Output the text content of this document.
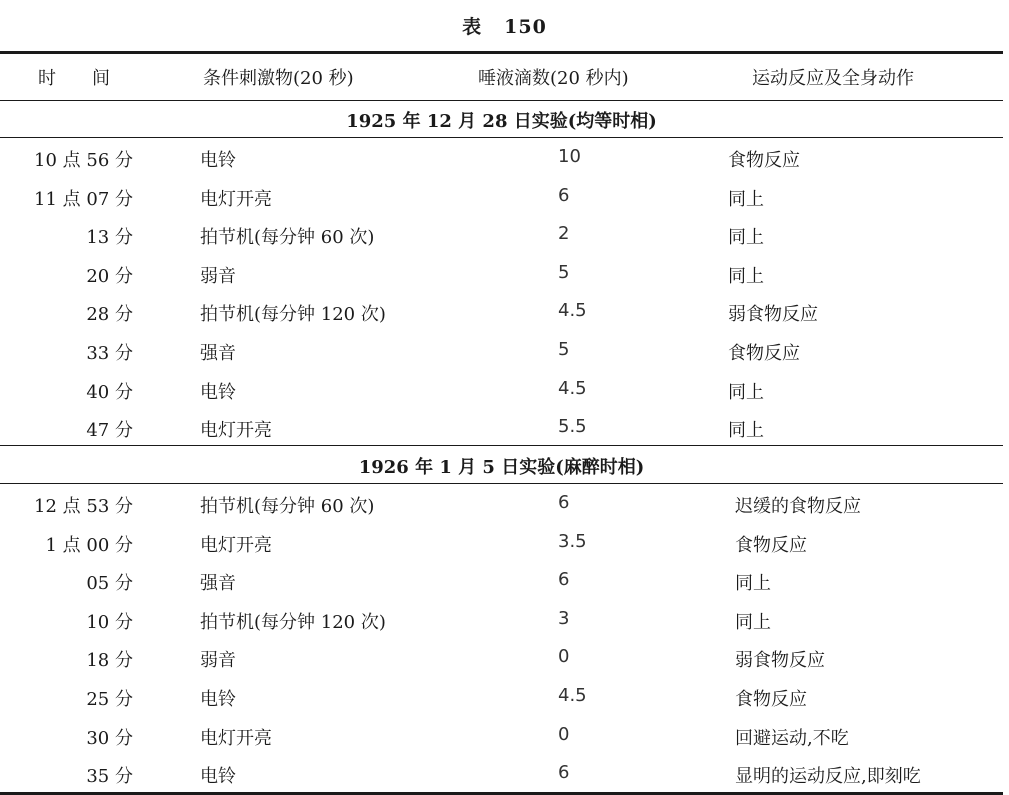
表 150
时　　间	条件刺激物(20 秒)	唾液滴数(20 秒内)	运动反应及全身动作
1925 年 12 月 28 日实验(均等时相)
10 点 56 分	电铃	10	食物反应
11 点 07 分	电灯开亮	6	同上
13 分	拍节机(每分钟 60 次)	2	同上
20 分	弱音	5	同上
28 分	拍节机(每分钟 120 次)	4.5	弱食物反应
33 分	强音	5	食物反应
40 分	电铃	4.5	同上
47 分	电灯开亮	5.5	同上
1926 年 1 月 5 日实验(麻醉时相)
12 点 53 分	拍节机(每分钟 60 次)	6	迟缓的食物反应
1 点 00 分	电灯开亮	3.5	食物反应
05 分	强音	6	同上
10 分	拍节机(每分钟 120 次)	3	同上
18 分	弱音	0	弱食物反应
25 分	电铃	4.5	食物反应
30 分	电灯开亮	0	回避运动,不吃
35 分	电铃	6	显明的运动反应,即刻吃
